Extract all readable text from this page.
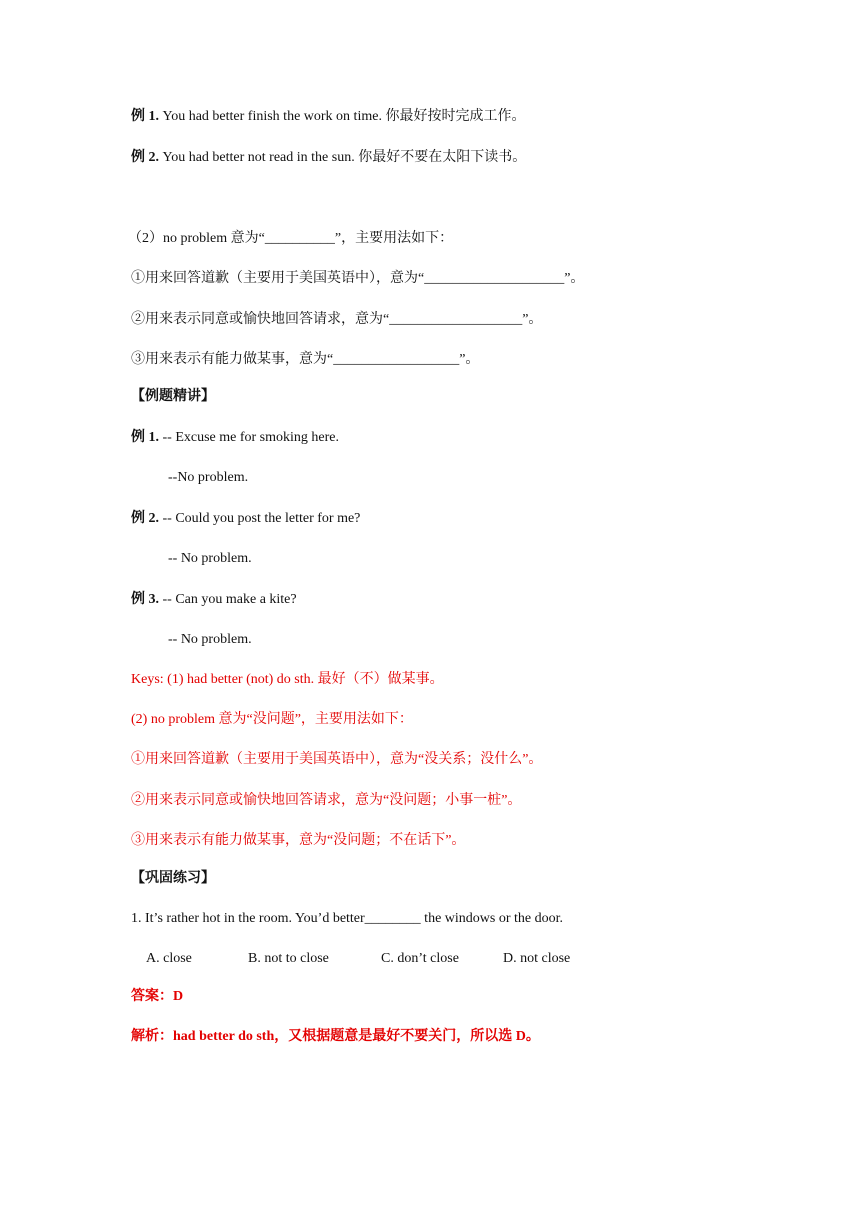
例 1. You had better finish the work on time. 你最好按时完成工作。
例 2. You had better not read in the sun. 你最好不要在太阳下读书。
（2）no problem 意为“__________”，主要用法如下：
①用来回答道歉（主要用于美国英语中），意为“____________________”。
②用来表示同意或愉快地回答请求，意为“___________________”。
③用来表示有能力做某事，意为“__________________”。
【例题精讲】
例 1. -- Excuse me for smoking here.
--No problem.
例 2. -- Could you post the letter for me?
-- No problem.
例 3. -- Can you make a kite?
-- No problem.
Keys: (1) had better (not) do sth. 最好（不）做某事。
(2) no problem 意为“没问题”，主要用法如下：
①用来回答道歉（主要用于美国英语中），意为“没关系；没什么”。
②用来表示同意或愉快地回答请求，意为“没问题；小事一桩”。
③用来表示有能力做某事，意为“没问题；不在话下”。
【巩固练习】
1. It’s rather hot in the room. You’d better________ the windows or the door.
A. close	B. not to close	C. don’t close	D. not close
答案：D
解析：had better do sth，又根据题意是最好不要关门，所以选 D。
